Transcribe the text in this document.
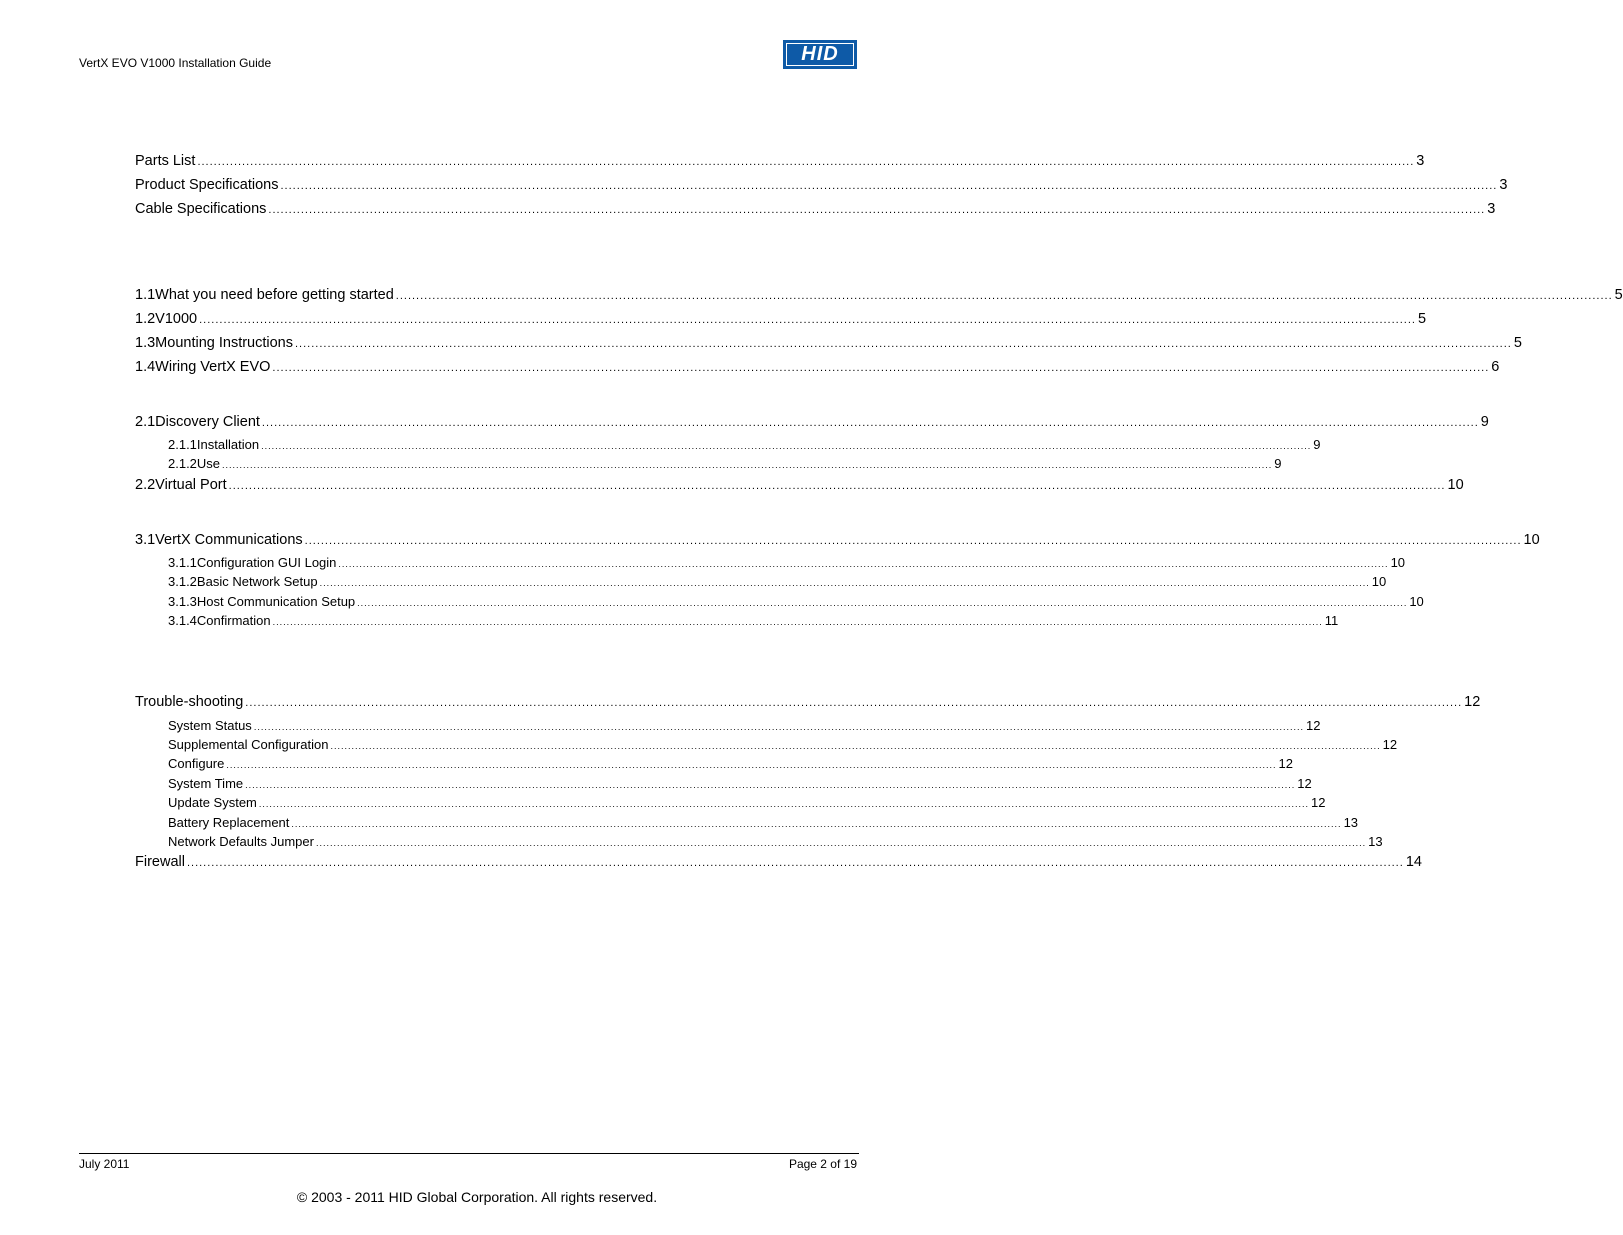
VertX EVO V1000 Installation Guide	HID
Parts List ............................................................................................................................................................................................................................................................................................................ 3
Product Specifications ............................................................................................................................................................................................................................................................................................................ 3
Cable Specifications ............................................................................................................................................................................................................................................................................................................ 3
1.1 What you need before getting started ............................................................................................................................................................................................................................................................................................................ 5
1.2 V1000 ............................................................................................................................................................................................................................................................................................................ 5
1.3 Mounting Instructions ............................................................................................................................................................................................................................................................................................................ 5
1.4 Wiring VertX EVO ............................................................................................................................................................................................................................................................................................................ 6
2.1 Discovery Client ............................................................................................................................................................................................................................................................................................................ 9
2.1.1 Installation ............................................................................................................................................................................................................................................................................................................ 9
2.1.2 Use ............................................................................................................................................................................................................................................................................................................ 9
2.2 Virtual Port ............................................................................................................................................................................................................................................................................................................ 10
3.1 VertX Communications ............................................................................................................................................................................................................................................................................................................ 10
3.1.1 Configuration GUI Login ............................................................................................................................................................................................................................................................................................................ 10
3.1.2 Basic Network Setup ............................................................................................................................................................................................................................................................................................................ 10
3.1.3 Host Communication Setup ............................................................................................................................................................................................................................................................................................................ 10
3.1.4 Confirmation ............................................................................................................................................................................................................................................................................................................ 11
Trouble-shooting ............................................................................................................................................................................................................................................................................................................ 12
System Status ............................................................................................................................................................................................................................................................................................................ 12
Supplemental Configuration ............................................................................................................................................................................................................................................................................................................ 12
Configure ............................................................................................................................................................................................................................................................................................................ 12
System Time ............................................................................................................................................................................................................................................................................................................ 12
Update System ............................................................................................................................................................................................................................................................................................................ 12
Battery Replacement ............................................................................................................................................................................................................................................................................................................ 13
Network Defaults Jumper ............................................................................................................................................................................................................................................................................................................ 13
Firewall ............................................................................................................................................................................................................................................................................................................ 14
July 2011	Page 2 of 19
© 2003 - 2011 HID Global Corporation. All rights reserved.
